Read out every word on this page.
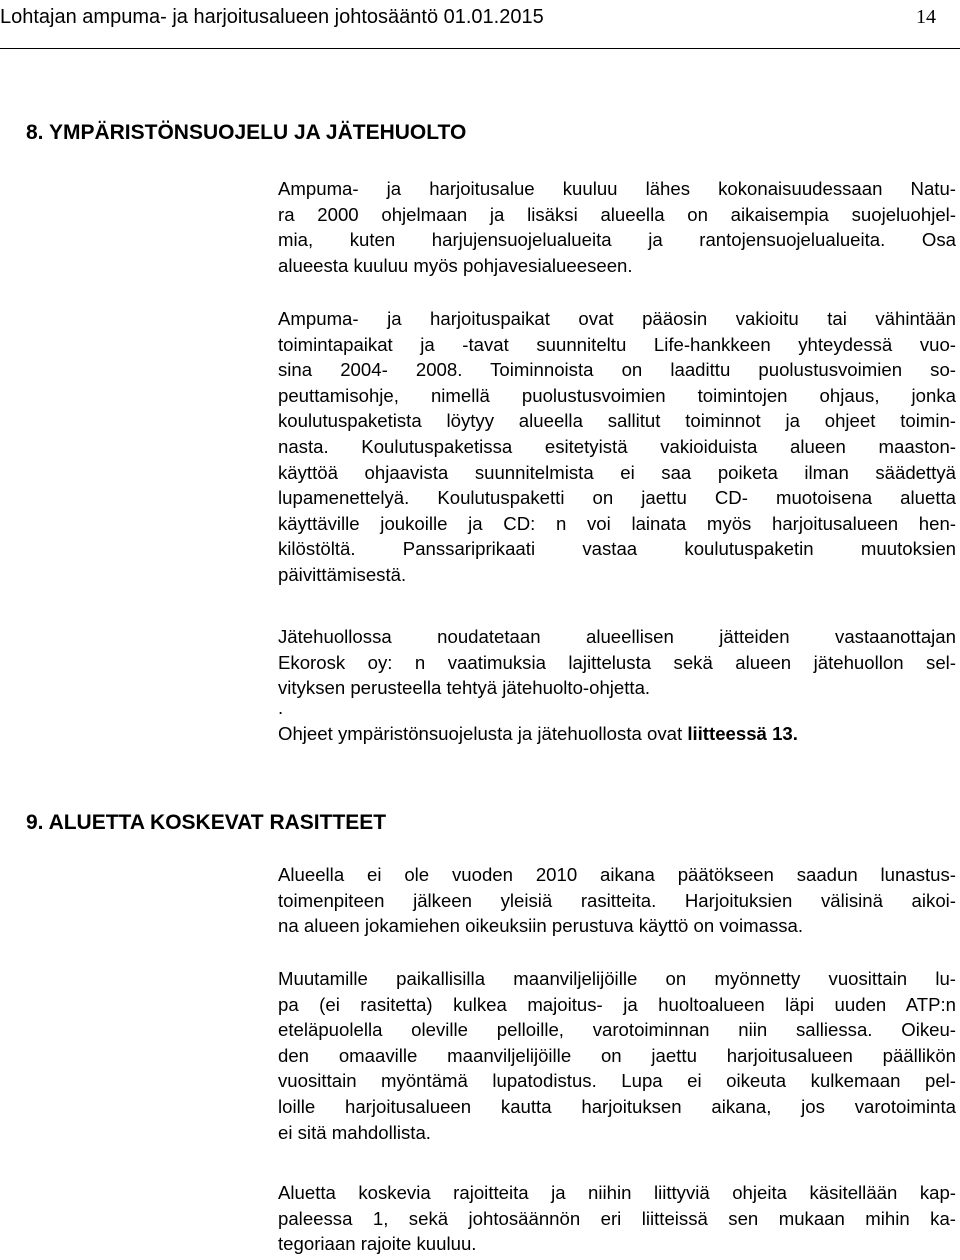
Lohtajan ampuma- ja harjoitusalueen johtosääntö 01.01.2015	14
8. YMPÄRISTÖNSUOJELU JA JÄTEHUOLTO
Ampuma- ja harjoitusalue kuuluu lähes kokonaisuudessaan Natu-
ra 2000 ohjelmaan ja lisäksi alueella on aikaisempia suojeluohjel-
mia, kuten harjujensuojelualueita ja rantojensuojelualueita. Osa
alueesta kuuluu myös pohjavesialueeseen.
Ampuma- ja harjoituspaikat ovat pääosin vakioitu tai vähintään
toimintapaikat ja -tavat suunniteltu Life-hankkeen yhteydessä vuo-
sina 2004- 2008. Toiminnoista on laadittu puolustusvoimien so-
peuttamisohje, nimellä puolustusvoimien toimintojen ohjaus, jonka
koulutuspaketista löytyy alueella sallitut toiminnot ja ohjeet toimin-
nasta. Koulutuspaketissa esitetyistä vakioiduista alueen maaston-
käyttöä ohjaavista suunnitelmista ei saa poiketa ilman säädettyä
lupamenettelyä. Koulutuspaketti on jaettu CD- muotoisena aluetta
käyttäville joukoille ja CD: n voi lainata myös harjoitusalueen hen-
kilöstöltä. Panssariprikaati vastaa koulutuspaketin muutoksien
päivittämisestä.
Jätehuollossa noudatetaan alueellisen jätteiden vastaanottajan
Ekorosk oy: n vaatimuksia lajittelusta sekä alueen jätehuollon sel-
vityksen perusteella tehtyä jätehuolto-ohjetta.
.
Ohjeet ympäristönsuojelusta ja jätehuollosta ovat liitteessä 13.
9. ALUETTA KOSKEVAT RASITTEET
Alueella ei ole vuoden 2010 aikana päätökseen saadun lunastus-
toimenpiteen jälkeen yleisiä rasitteita. Harjoituksien välisinä aikoi-
na alueen jokamiehen oikeuksiin perustuva käyttö on voimassa.
Muutamille paikallisilla maanviljelijöille on myönnetty vuosittain lu-
pa (ei rasitetta) kulkea majoitus- ja huoltoalueen läpi uuden ATP:n
eteläpuolella oleville pelloille, varotoiminnan niin salliessa. Oikeu-
den omaaville maanviljelijöille on jaettu harjoitusalueen päällikön
vuosittain myöntämä lupatodistus. Lupa ei oikeuta kulkemaan pel-
loille harjoitusalueen kautta harjoituksen aikana, jos varotoiminta
ei sitä mahdollista.
Aluetta koskevia rajoitteita ja niihin liittyviä ohjeita käsitellään kap-
paleessa 1, sekä johtosäännön eri liitteissä sen mukaan mihin ka-
tegoriaan rajoite kuuluu.
